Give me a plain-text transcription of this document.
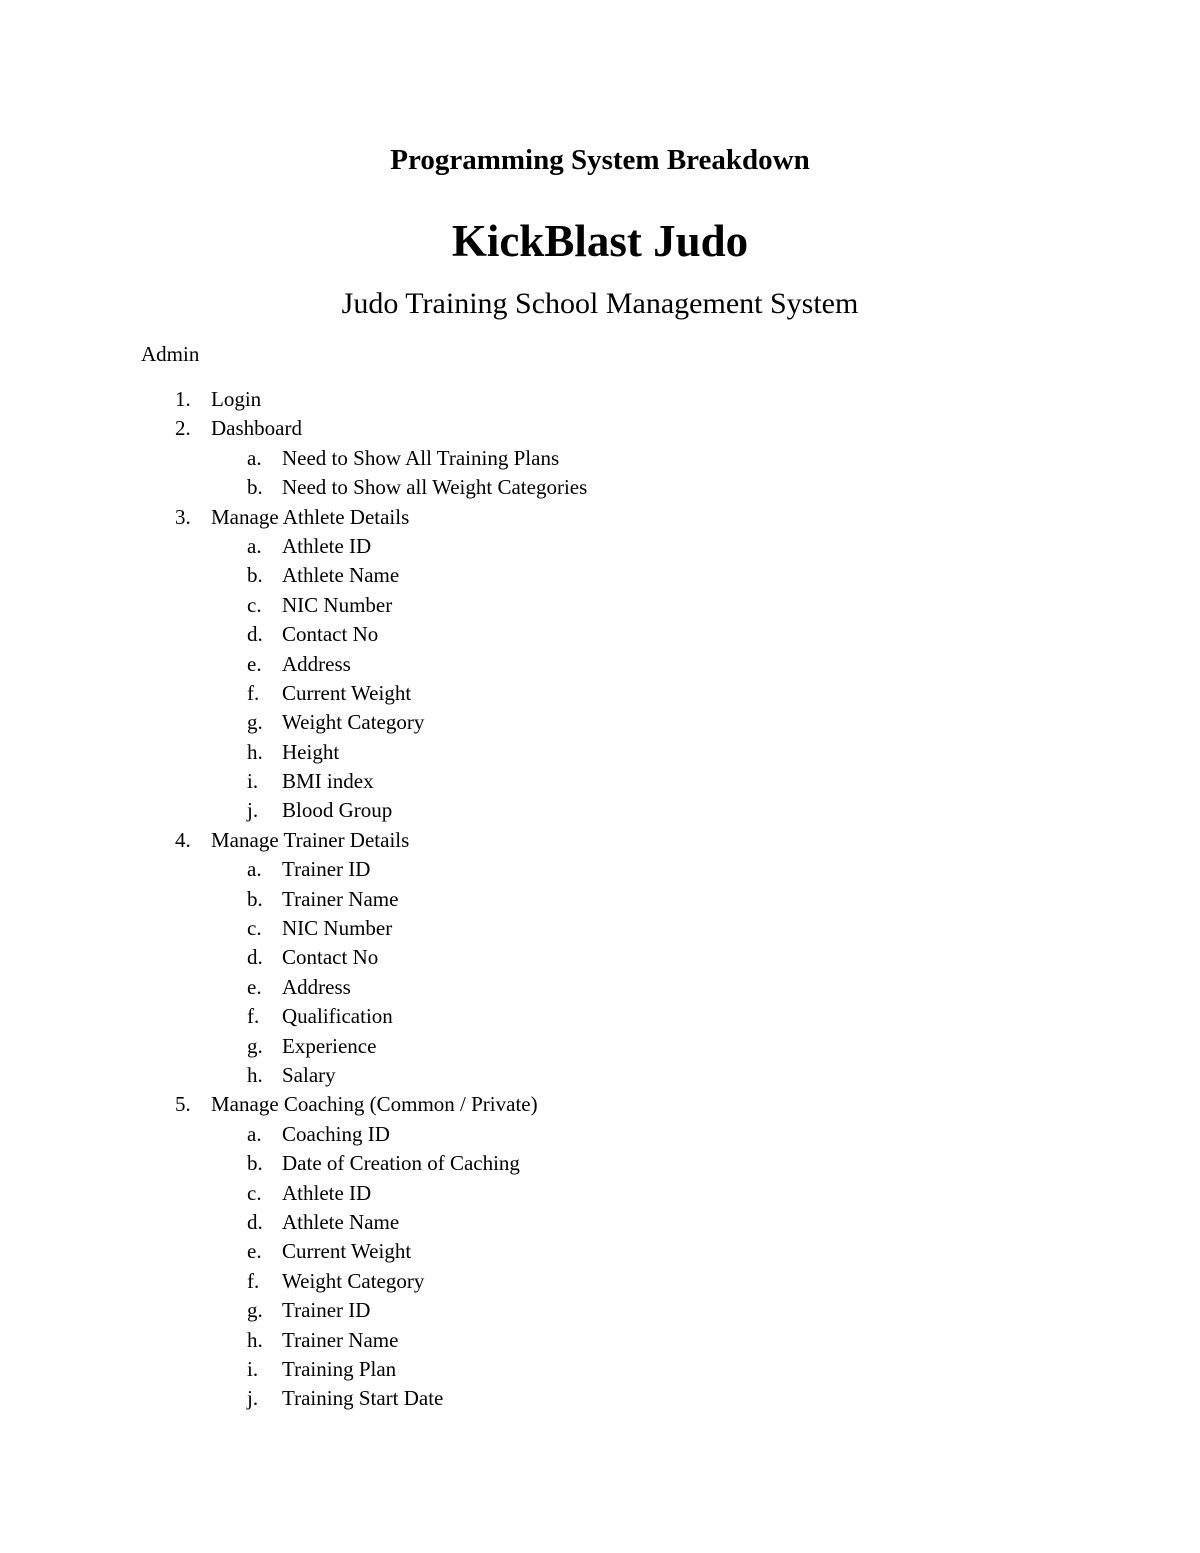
Programming System Breakdown
KickBlast Judo
Judo Training School Management System
Admin
1. Login
2. Dashboard
a. Need to Show All Training Plans
b. Need to Show all Weight Categories
3. Manage Athlete Details
a. Athlete ID
b. Athlete Name
c. NIC Number
d. Contact No
e. Address
f. Current Weight
g. Weight Category
h. Height
i. BMI index
j. Blood Group
4. Manage Trainer Details
a. Trainer ID
b. Trainer Name
c. NIC Number
d. Contact No
e. Address
f. Qualification
g. Experience
h. Salary
5. Manage Coaching (Common / Private)
a. Coaching ID
b. Date of Creation of Caching
c. Athlete ID
d. Athlete Name
e. Current Weight
f. Weight Category
g. Trainer ID
h. Trainer Name
i. Training Plan
j. Training Start Date
